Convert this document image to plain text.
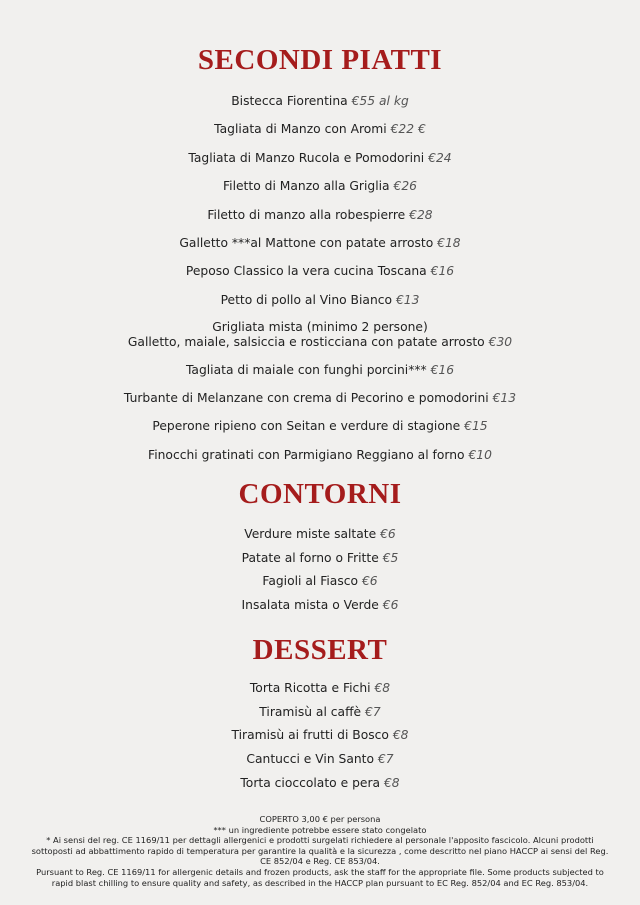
SECONDI PIATTI
Bistecca Fiorentina €55 al kg
Tagliata di Manzo con Aromi €22 €
Tagliata di Manzo Rucola e Pomodorini €24
Filetto di Manzo alla Griglia €26
Filetto di manzo alla robespierre €28
Galletto ***al Mattone con patate arrosto €18
Peposo Classico la vera cucina Toscana €16
Petto di pollo al Vino Bianco €13
Grigliata mista (minimo 2 persone)
Galletto, maiale, salsiccia e rosticciana con patate arrosto €30
Tagliata di maiale con funghi porcini*** €16
Turbante di Melanzane con crema di Pecorino e pomodorini €13
Peperone ripieno con Seitan e verdure di stagione €15
Finocchi gratinati con Parmigiano Reggiano al forno €10
CONTORNI
Verdure miste saltate €6
Patate al forno o Fritte €5
Fagioli al Fiasco €6
Insalata mista o Verde €6
DESSERT
Torta Ricotta e Fichi €8
Tiramisù al caffè €7
Tiramisù ai frutti di Bosco €8
Cantucci e Vin Santo €7
Torta cioccolato e pera €8
COPERTO 3,00 € per persona
*** un ingrediente potrebbe essere stato congelato
* Ai sensi del reg. CE 1169/11 per dettagli allergenici e prodotti surgelati richiedere al personale l'apposito fascicolo. Alcuni prodotti sottoposti ad abbattimento rapido di temperatura per garantire la qualità e la sicurezza , come descritto nel piano HACCP ai sensi del Reg. CE 852/04 e Reg. CE 853/04.
Pursuant to Reg. CE 1169/11 for allergenic details and frozen products, ask the staff for the appropriate file. Some products subjected to rapid blast chilling to ensure quality and safety, as described in the HACCP plan pursuant to EC Reg. 852/04 and EC Reg. 853/04.
